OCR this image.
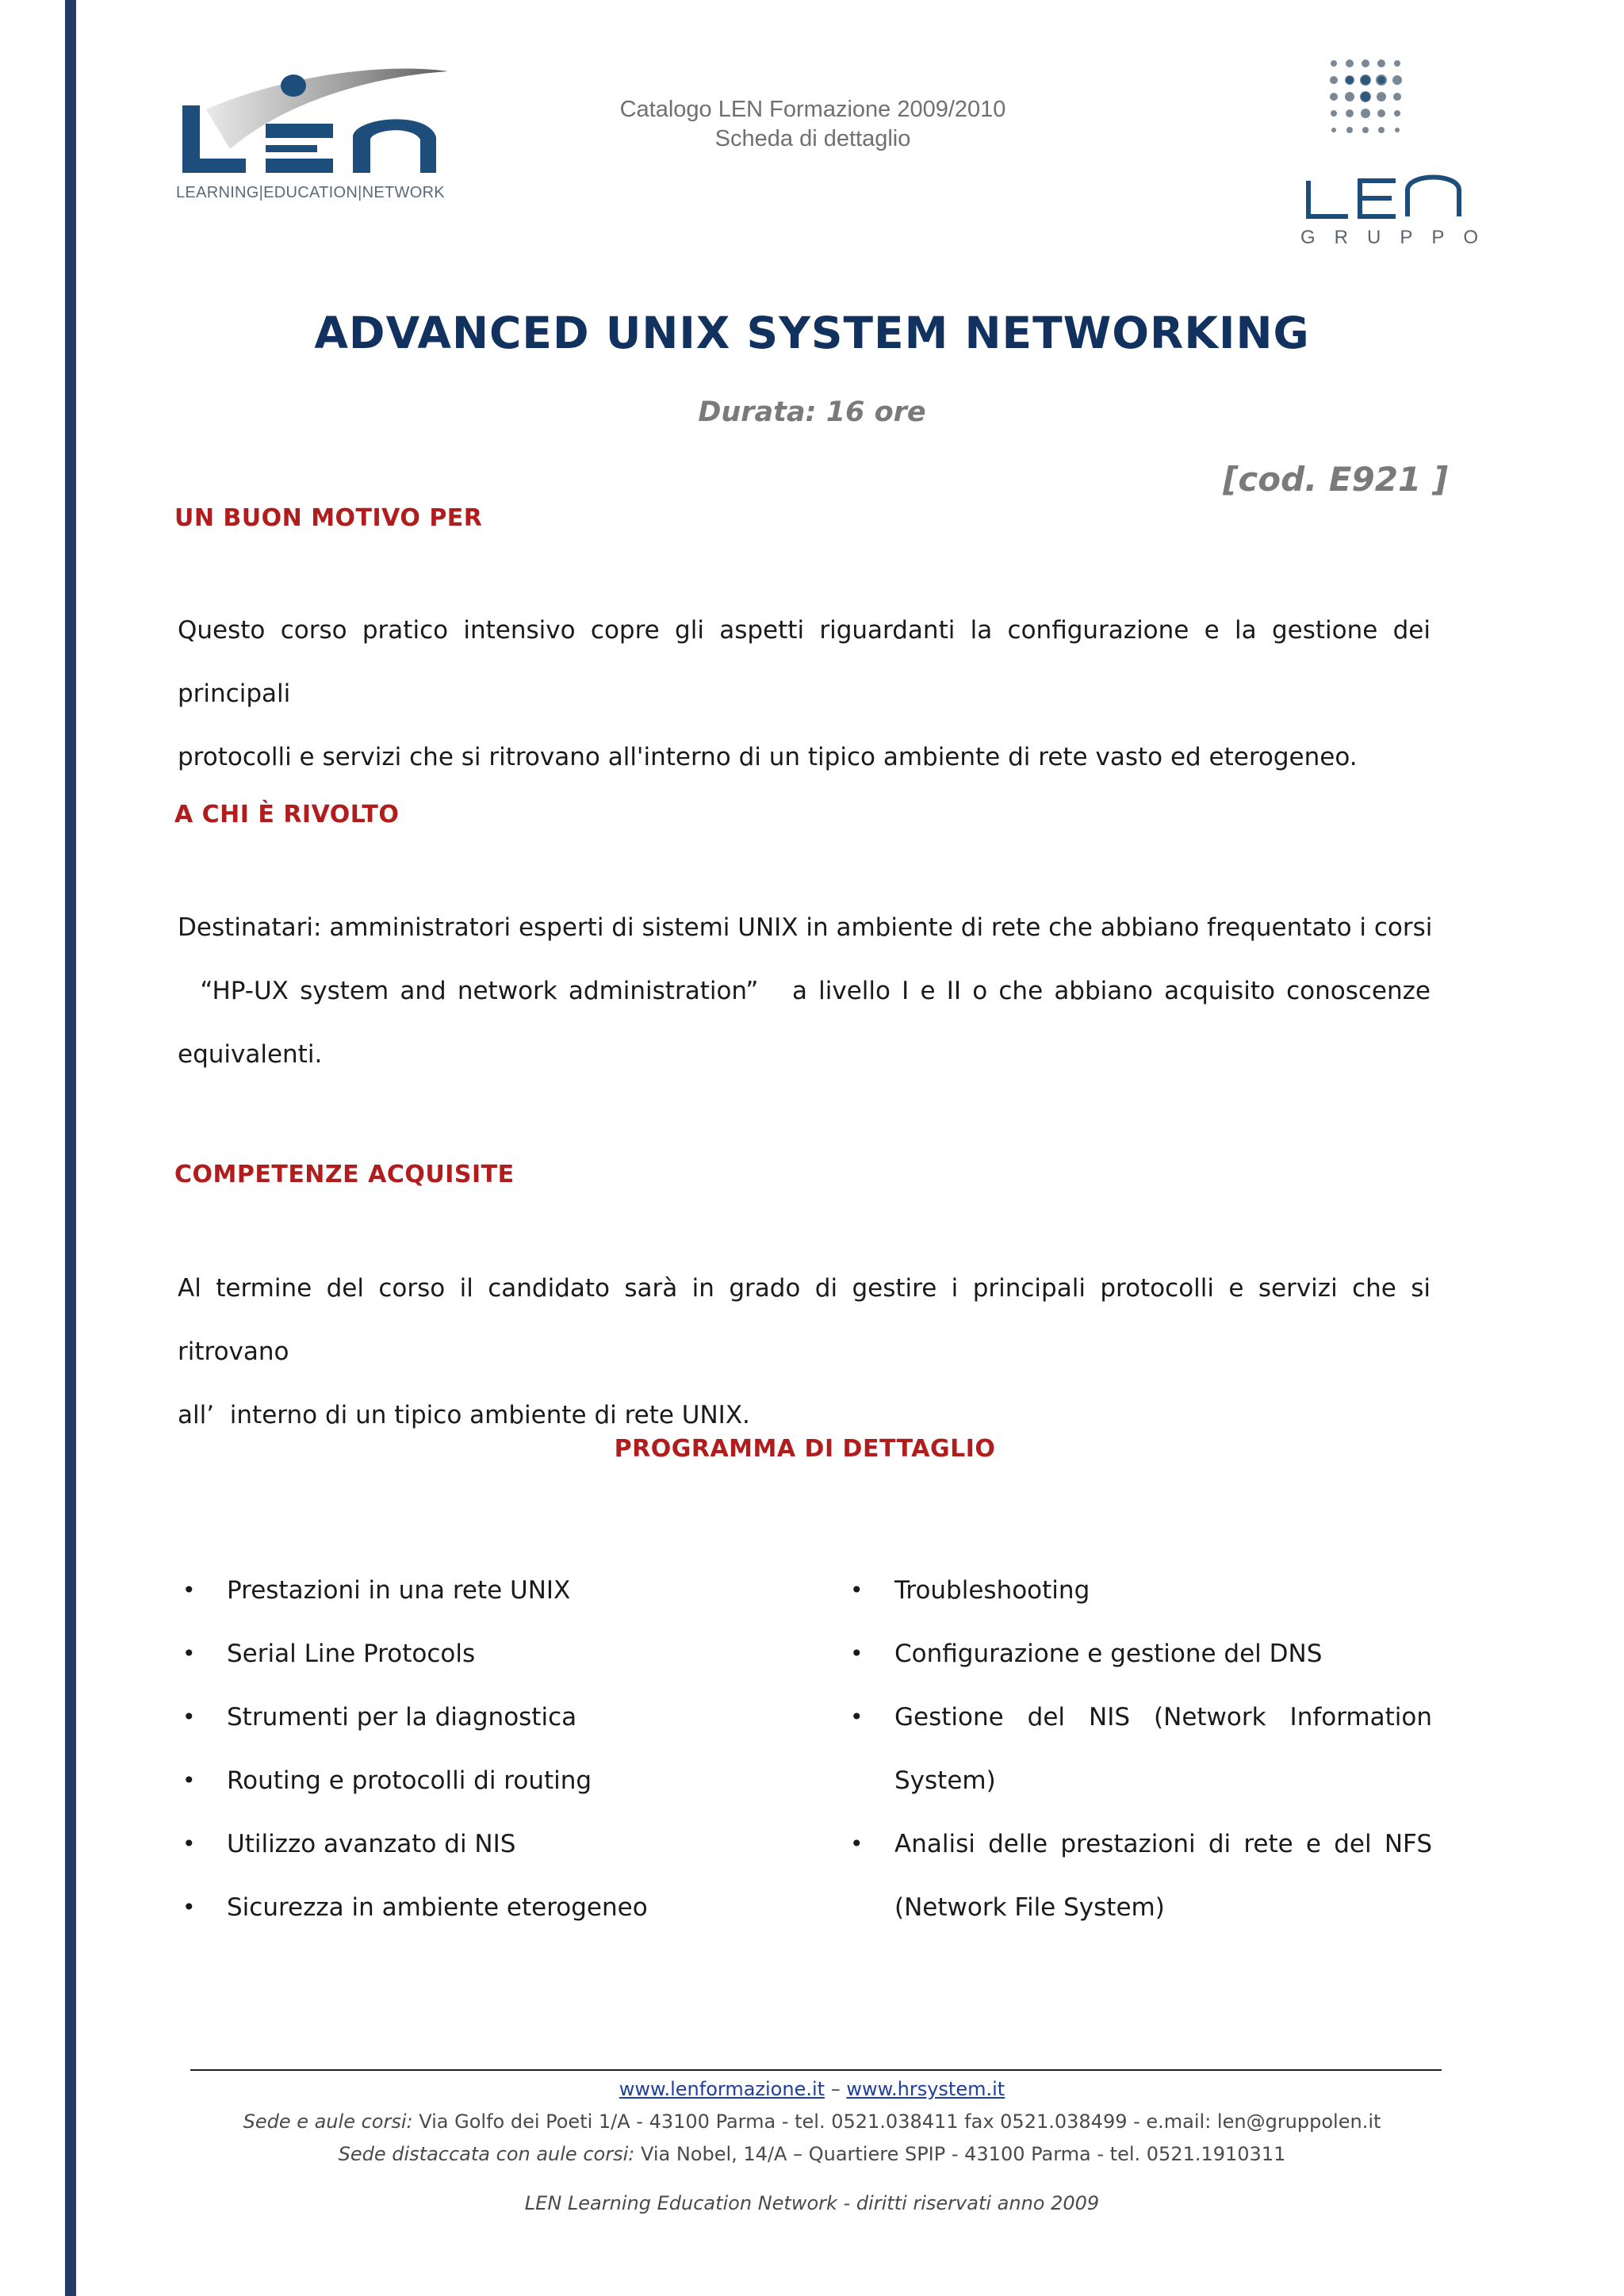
LEARNING|EDUCATION|NETWORK
Catalogo LEN Formazione 2009/2010
Scheda di dettaglio
GRUPPO
ADVANCED UNIX SYSTEM NETWORKING
Durata: 16 ore
[cod. E921 ]
UN BUON MOTIVO PER
Questo corso pratico intensivo copre gli aspetti riguardanti la configurazione e la gestione dei principali
protocolli e servizi che si ritrovano all'interno di un tipico ambiente di rete vasto ed eterogeneo.
A CHI È RIVOLTO
Destinatari: amministratori esperti di sistemi UNIX in ambiente di rete che abbiano frequentato i corsi
“HP-UX system and network administration”   a livello I e II o che abbiano acquisito conoscenze
equivalenti.
COMPETENZE ACQUISITE
Al termine del corso il candidato sarà in grado di gestire i principali protocolli e servizi che si ritrovano
all’  interno di un tipico ambiente di rete UNIX.
PROGRAMMA DI DETTAGLIO
• Prestazioni in una rete UNIX
• Serial Line Protocols
• Strumenti per la diagnostica
• Routing e protocolli di routing
• Utilizzo avanzato di NIS
• Sicurezza in ambiente eterogeneo
• Troubleshooting
• Configurazione e gestione del DNS
• Gestione del NIS (Network Information
System)
• Analisi delle prestazioni di rete e del NFS
(Network File System)
www.lenformazione.it – www.hrsystem.it
Sede e aule corsi: Via Golfo dei Poeti 1/A - 43100 Parma - tel. 0521.038411 fax 0521.038499 - e.mail: len@gruppolen.it
Sede distaccata con aule corsi: Via Nobel, 14/A – Quartiere SPIP - 43100 Parma - tel. 0521.1910311
LEN Learning Education Network - diritti riservati anno 2009
